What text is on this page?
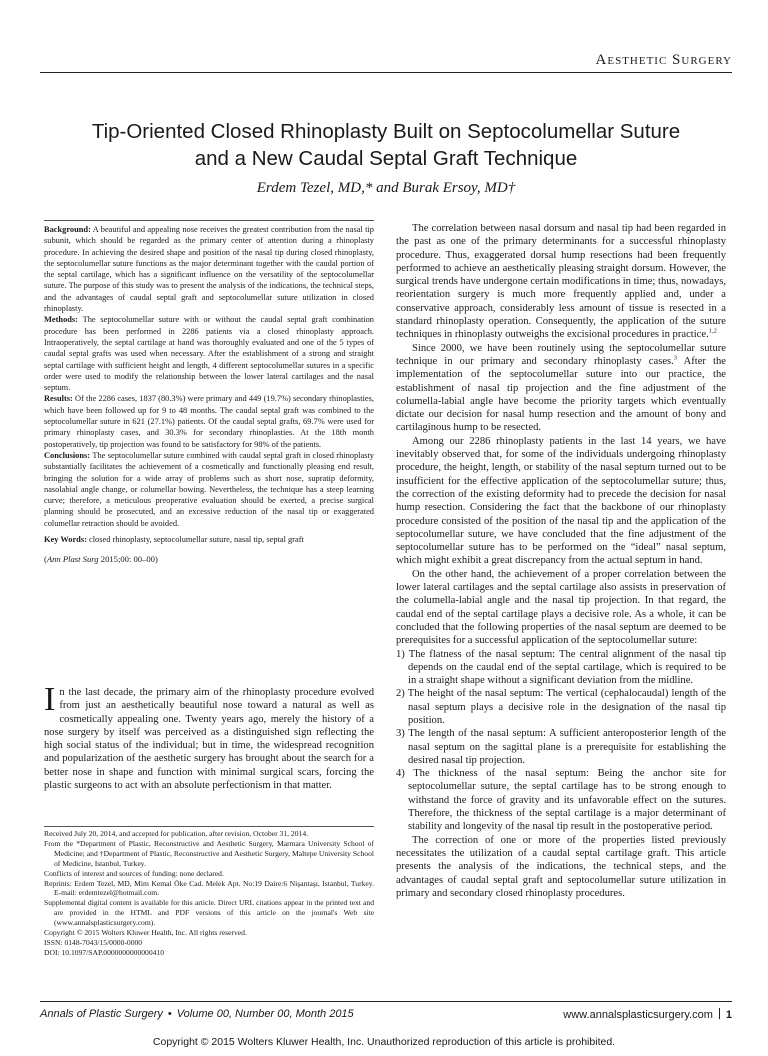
Aesthetic Surgery
Tip-Oriented Closed Rhinoplasty Built on Septocolumellar Suture
and a New Caudal Septal Graft Technique
Erdem Tezel, MD,* and Burak Ersoy, MD†

Background: A beautiful and appealing nose receives the greatest contribution from the nasal tip subunit, which should be regarded as the primary center of attention during a rhinoplasty procedure. In achieving the desired shape and position of the nasal tip during closed rhinoplasty, the septocolumellar suture functions as the major determinant together with the caudal portion of the septal cartilage, which has a significant influence on the versatility of the septocolumellar suture. The purpose of this study was to present the analysis of the indications, the technical steps, and the advantages of caudal septal graft and septocolumellar suture utilization in closed rhinoplasty.

Methods: The septocolumellar suture with or without the caudal septal graft combination procedure has been performed in 2286 patients via a closed rhinoplasty approach. Intraoperatively, the septal cartilage at hand was thoroughly evaluated and one of the 5 types of caudal septal grafts was used when necessary. After the establishment of a strong and straight septal cartilage with sufficient height and length, 4 different septocolumellar sutures in a specific order were used to modify the relationship between the lower lateral cartilages and the nasal septum.

Results: Of the 2286 cases, 1837 (80.3%) were primary and 449 (19.7%) secondary rhinoplasties, which have been followed up for 9 to 48 months. The caudal septal graft was combined to the septocolumellar suture in 621 (27.1%) patients. Of the caudal septal grafts, 69.7% were used for primary rhinoplasty cases, and 30.3% for secondary rhinoplasties. At the 18th month postoperatively, tip projection was found to be satisfactory for 98% of the patients.

Conclusions: The septocolumellar suture combined with caudal septal graft in closed rhinoplasty substantially facilitates the achievement of a cosmetically and functionally pleasing end result, bringing the solution for a wide array of problems such as short nose, supratip deformity, nasolabial angle change, or columellar bowing. Nevertheless, the technique has a steep learning curve; therefore, a meticulous preoperative evaluation should be exerted, a precise surgical planning should be prosecuted, and an excessive reduction of the nasal tip or exaggerated columellar retraction should be avoided.

Key Words: closed rhinoplasty, septocolumellar suture, nasal tip, septal graft

(Ann Plast Surg 2015;00: 00–00)

In the last decade, the primary aim of the rhinoplasty procedure evolved from just an aesthetically beautiful nose toward a natural as well as cosmetically appealing one. Twenty years ago, merely the history of a nose surgery by itself was perceived as a distinguished sign reflecting the high social status of the individual; but in time, the widespread recognition and popularization of the aesthetic surgery has brought about the search for a better nose in shape and function with minimal surgical scars, forcing the plastic surgeons to act with an absolute perfectionism in that matter.

Received July 20, 2014, and accepted for publication, after revision, October 31, 2014.

From the *Department of Plastic, Reconstructive and Aesthetic Surgery, Marmara University School of Medicine; and †Department of Plastic, Reconstructive and Aesthetic Surgery, Maltepe University School of Medicine, Istanbul, Turkey.

Conflicts of interest and sources of funding: none declared.

Reprints: Erdem Tezel, MD, Mim Kemal Öke Cad. Melek Apt. No:19 Daire:6 Nişantaşı, Istanbul, Turkey. E-mail: erdemtezel@hotmail.com.

Supplemental digital content is available for this article. Direct URL citations appear in the printed text and are provided in the HTML and PDF versions of this article on the journal's Web site (www.annalsplasticsurgery.com).

Copyright © 2015 Wolters Kluwer Health, Inc. All rights reserved.

ISSN: 0148-7043/15/0000-0000

DOI: 10.1097/SAP.0000000000000410

The correlation between nasal dorsum and nasal tip had been regarded in the past as one of the primary determinants for a successful rhinoplasty procedure. Thus, exaggerated dorsal hump resections had been frequently performed to achieve an aesthetically pleasing straight dorsum. However, the surgical trends have undergone certain modifications in time; thus, nowadays, reorientation surgery is much more frequently applied and, under a conservative approach, considerably less amount of tissue is resected in a standard rhinoplasty operation. Consequently, the application of the suture techniques in rhinoplasty outweighs the excisional procedures in practice.$^{1,2}$

Since 2000, we have been routinely using the septocolumellar suture technique in our primary and secondary rhinoplasty cases.$^3$ After the implementation of the septocolumellar suture into our practice, the establishment of nasal tip projection and the fine adjustment of the columella-labial angle have become the priority targets which eventually dictate our decision for nasal hump resection and the amount of bony and cartilaginous hump to be resected.

Among our 2286 rhinoplasty patients in the last 14 years, we have inevitably observed that, for some of the individuals undergoing rhinoplasty procedure, the height, length, or stability of the nasal septum turned out to be insufficient for the effective application of the septocolumellar suture; thus, the correction of the existing deformity had to precede the decision for nasal hump resection. Considering the fact that the backbone of our rhinoplasty procedure consisted of the position of the nasal tip and the application of the septocolumellar suture, we have concluded that the fine adjustment of the septocolumellar suture has to be performed on the “ideal” nasal septum, which might exhibit a great discrepancy from the actual septum in hand.

On the other hand, the achievement of a proper correlation between the lower lateral cartilages and the septal cartilage also assists in preservation of the columella-labial angle and the nasal tip projection. In that regard, the caudal end of the septal cartilage plays a decisive role. As a whole, it can be concluded that the following properties of the nasal septum are deemed to be prerequisites for a successful application of the septocolumellar suture:

1) The flatness of the nasal septum: The central alignment of the nasal tip depends on the caudal end of the septal cartilage, which is required to be in a straight shape without a significant deviation from the midline.

2) The height of the nasal septum: The vertical (cephalocaudal) length of the nasal septum plays a decisive role in the designation of the nasal tip position.

3) The length of the nasal septum: A sufficient anteroposterior length of the nasal septum on the sagittal plane is a prerequisite for establishing the desired nasal tip projection.

4) The thickness of the nasal septum: Being the anchor site for septocolumellar suture, the septal cartilage has to be strong enough to withstand the force of gravity and its unfavorable effect on the sutures. Therefore, the thickness of the septal cartilage is a major determinant of stability and longevity of the nasal tip result in the postoperative period.

The correction of one or more of the properties listed previously necessitates the utilization of a caudal septal cartilage graft. This article presents the analysis of the indications, the technical steps, and the advantages of caudal septal graft and septocolumellar suture utilization in primary and secondary closed rhinoplasty procedures.

Annals of Plastic Surgery • Volume 00, Number 00, Month 2015	www.annalsplasticsurgery.com 1
Copyright © 2015 Wolters Kluwer Health, Inc. Unauthorized reproduction of this article is prohibited.
